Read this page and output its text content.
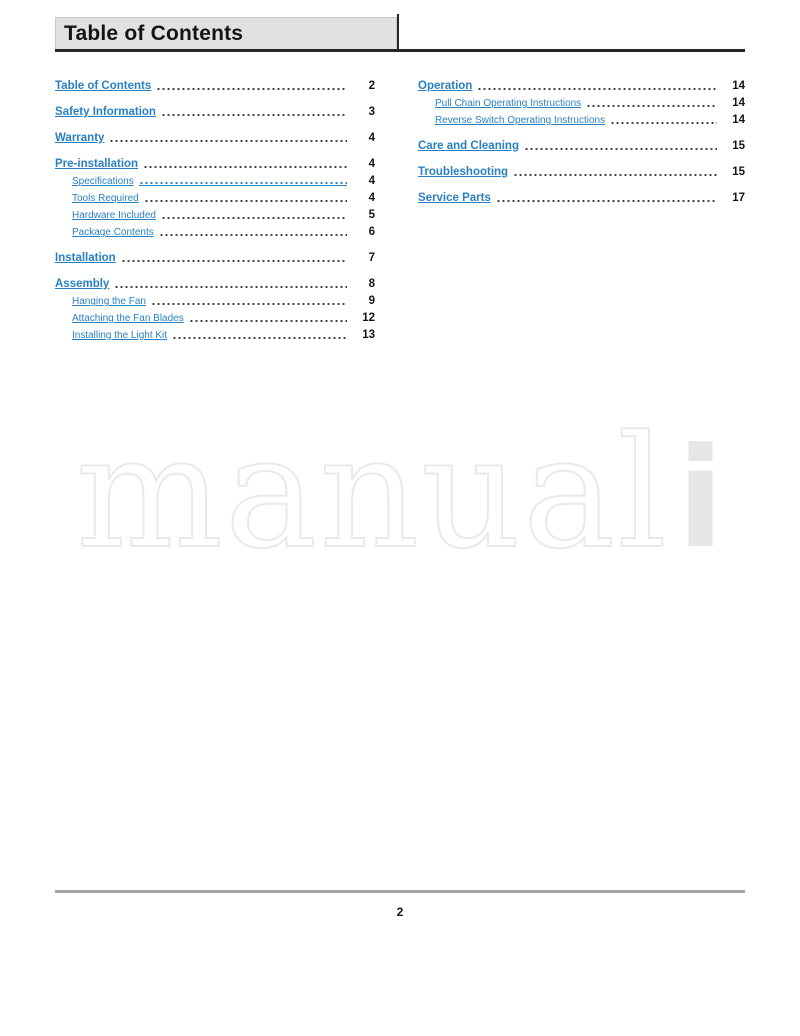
Table of Contents
Table of Contents	2
Safety Information	3
Warranty	4
Pre-installation	4
Specifications	4
Tools Required	4
Hardware Included	5
Package Contents	6
Installation	7
Assembly	8
Hanging the Fan	9
Attaching the Fan Blades	12
Installing the Light Kit	13
Operation	14
Pull Chain Operating Instructions	14
Reverse Switch Operating Instructions	14
Care and Cleaning	15
Troubleshooting	15
Service Parts	17
manual i
2
